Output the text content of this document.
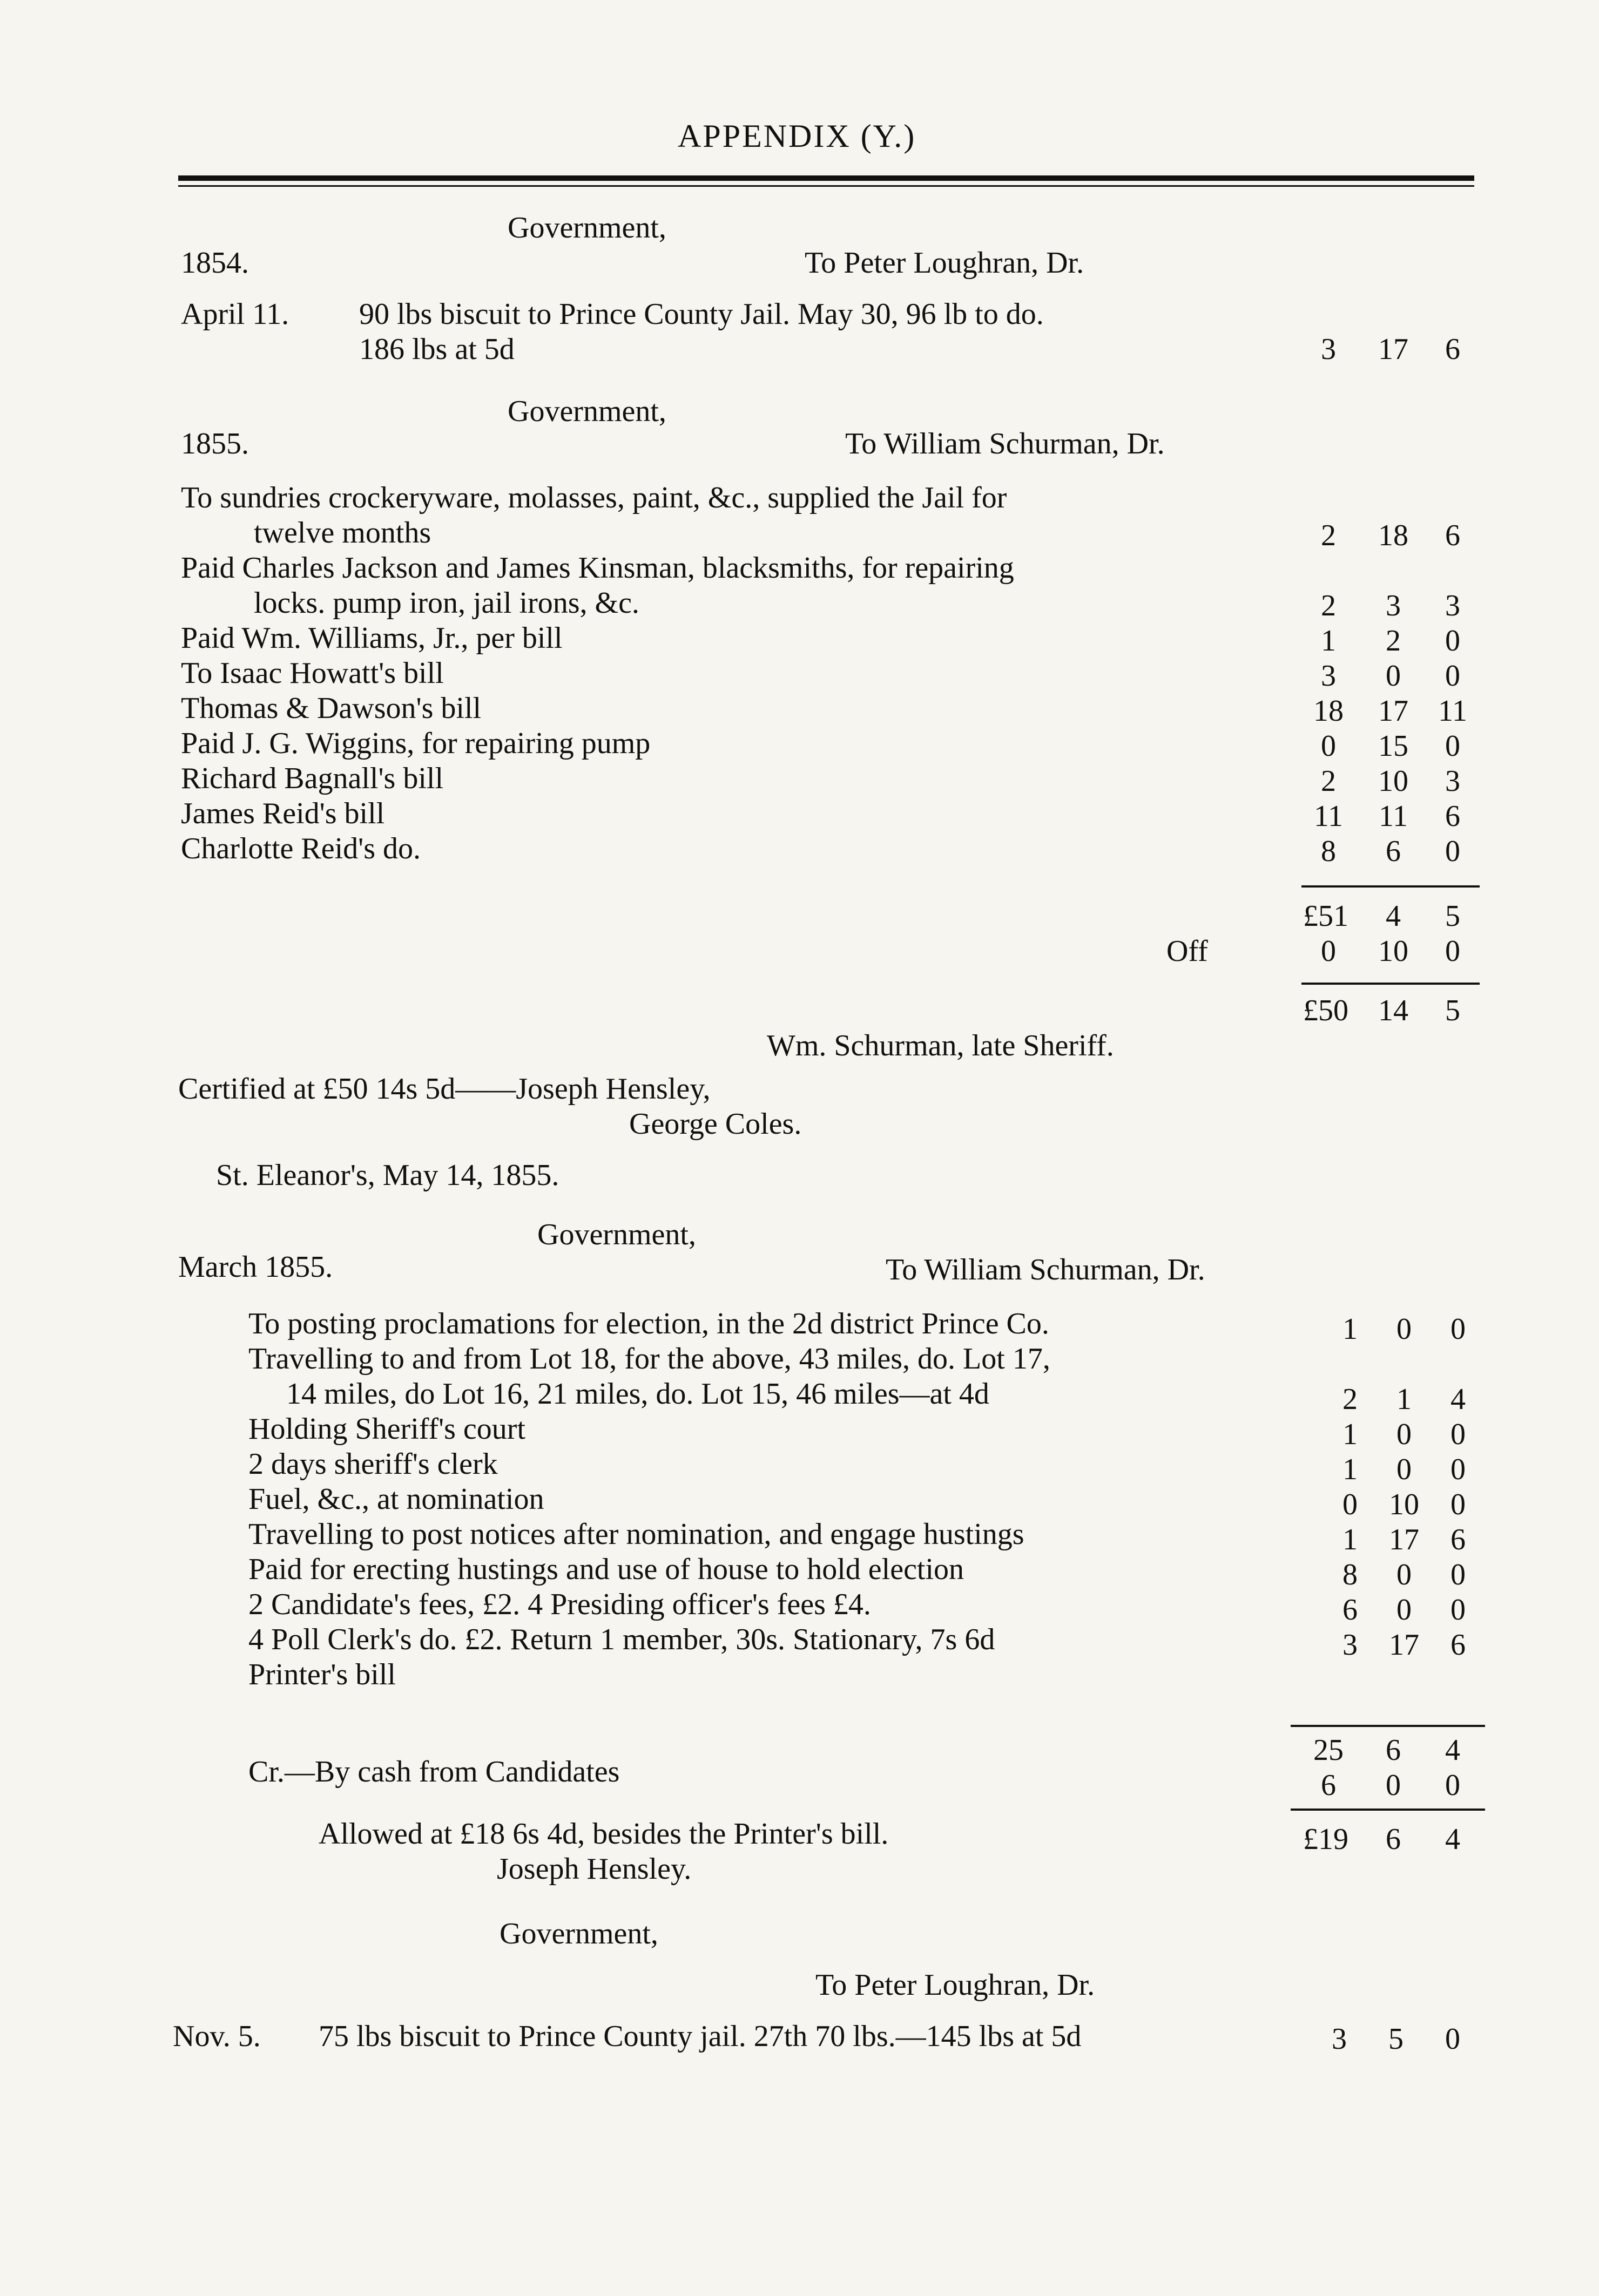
APPENDIX (Y.)
Government,
1854.	To Peter Loughran, Dr.
April 11. 90 lbs biscuit to Prince County Jail. May 30, 96 lb to do.
186 lbs at 5d	3	17	6
Government,
1855.	To William Schurman, Dr.
To sundries crockeryware, molasses, paint, &c., supplied the Jail for
twelve months	2	18	6
Paid Charles Jackson and James Kinsman, blacksmiths, for repairing
locks. pump iron, jail irons, &c.	2	3	3
Paid Wm. Williams, Jr., per bill	1	2	0
To Isaac Howatt's bill	3	0	0
Thomas & Dawson's bill	18 17 11
Paid J. G. Wiggins, for repairing pump	0	15	0
Richard Bagnall's bill	2	10	3
James Reid's bill	11 11	6
Charlotte Reid's do.	8	6	0
£51	4	5
Off	0	10	0
£50 14	5
Wm. Schurman, late Sheriff.
Certified at £50 14s 5d——Joseph Hensley,
George Coles.
St. Eleanor's, May 14, 1855.
Government,
March 1855.	To William Schurman, Dr.
To posting proclamations for election, in the 2d district Prince Co.	1	0	0
Travelling to and from Lot 18, for the above, 43 miles, do. Lot 17,
14 miles, do Lot 16, 21 miles, do. Lot 15, 46 miles—at 4d	2	1	4
Holding Sheriff's court	1	0	0
2 days sheriff's clerk	1	0	0
Fuel, &c., at nomination	0	10	0
Travelling to post notices after nomination, and engage hustings	1	17	6
Paid for erecting hustings and use of house to hold election	8	0	0
2 Candidate's fees, £2. 4 Presiding officer's fees £4.	6	0	0
4 Poll Clerk's do. £2. Return 1 member, 30s. Stationary, 7s 6d	3	17	6
Printer's bill
25	6	4
Cr.—By cash from Candidates	6	0	0
Allowed at £18 6s 4d, besides the Printer's bill.	£19	6	4
Joseph Hensley.
Government,
To Peter Loughran, Dr.
Nov. 5. 75 lbs biscuit to Prince County jail. 27th 70 lbs.—145 lbs at 5d	3	5	0
